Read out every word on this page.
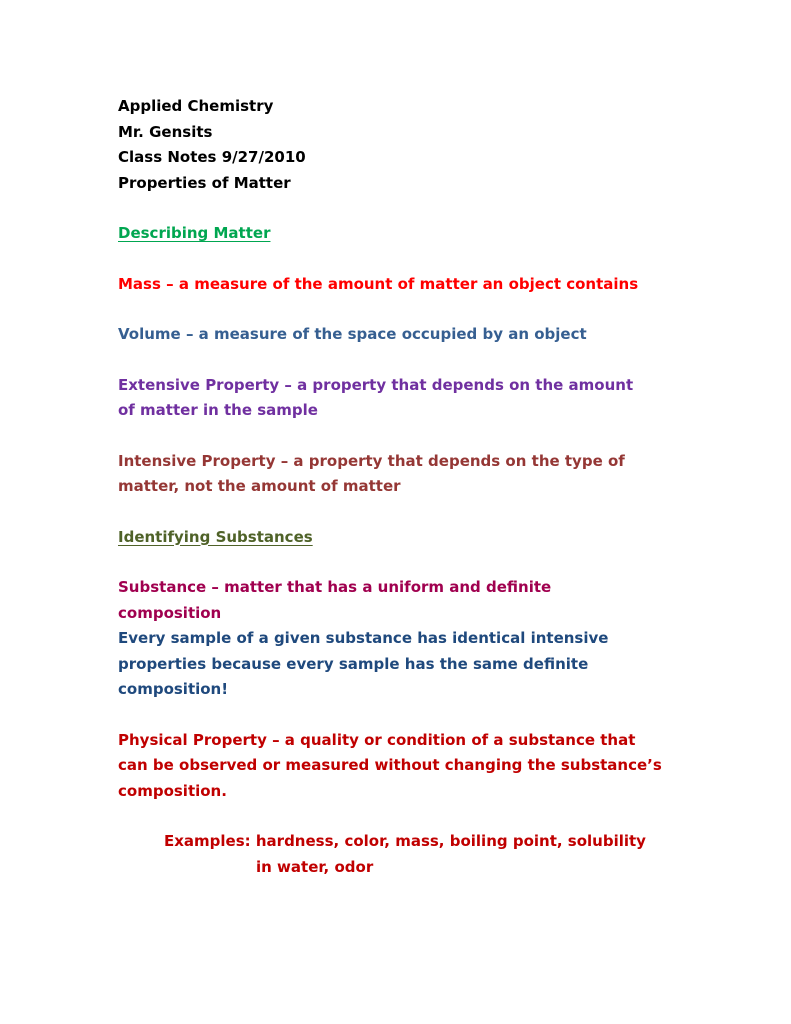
Applied Chemistry
Mr. Gensits
Class Notes 9/27/2010
Properties of Matter
Describing Matter
Mass – a measure of the amount of matter an object contains
Volume – a measure of the space occupied by an object
Extensive Property – a property that depends on the amount
of matter in the sample
Intensive Property – a property that depends on the type of
matter, not the amount of matter
Identifying Substances
Substance – matter that has a uniform and definite
composition
Every sample of a given substance has identical intensive
properties because every sample has the same definite
composition!
Physical Property – a quality or condition of a substance that
can be observed or measured without changing the substance’s
composition.
Examples: hardness, color, mass, boiling point, solubility
in water, odor
